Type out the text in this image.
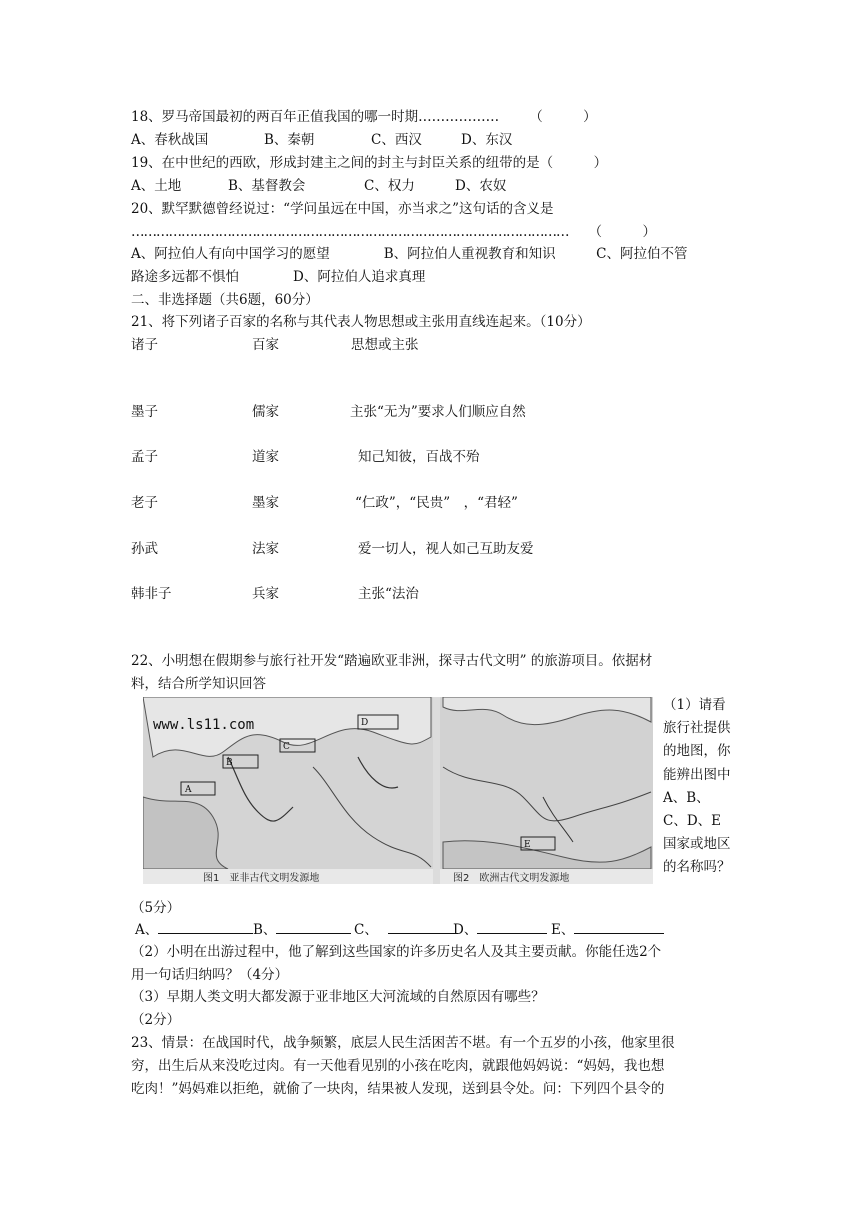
18、罗马帝国最初的两百年正值我国的哪一时期……………… （　　　）
A、春秋战国	B、秦朝	C、西汉	D、东汉
19、在中世纪的西欧，形成封建主之间的封主与封臣关系的纽带的是（　　　）
A、土地	B、基督教会	C、权力	D、农奴
20、默罕默德曾经说过：“学问虽远在中国，亦当求之”这句话的含义是
…………………………………………………………………………………………… （　　　）
A、阿拉伯人有向中国学习的愿望　　　　B、阿拉伯人重视教育和知识　　　C、阿拉伯不管
路途多远都不惧怕　　　　D、阿拉伯人追求真理
二、非选择题（共6题，60分）
21、将下列诸子百家的名称与其代表人物思想或主张用直线连起来。（10分）
诸子	百家	思想或主张
墨子	儒家	主张“无为”要求人们顺应自然
孟子	道家	知己知彼，百战不殆
老子	墨家	“仁政”，“民贵”　，“君轻”
孙武	法家	爱一切人，视人如己互助友爱
韩非子	兵家	主张“法治
22、小明想在假期参与旅行社开发“踏遍欧亚非洲，探寻古代文明” 的旅游项目。依据材
料，结合所学知识回答
www.ls11.com
A
B
C
D
图1　亚非古代文明发源地
E
图2　欧洲古代文明发源地
（1）请看旅行社提供的地图，你能辨出图中A、B、C、D、E国家或地区的名称吗？
（5分）
A、	B、	C、	D、	E、
（2）小明在出游过程中，他了解到这些国家的许多历史名人及其主要贡献。你能任选2个
用一句话归纳吗？（4分）
（3）早期人类文明大都发源于亚非地区大河流域的自然原因有哪些？
（2分）
23、情景：在战国时代，战争频繁，底层人民生活困苦不堪。有一个五岁的小孩，他家里很
穷，出生后从来没吃过肉。有一天他看见别的小孩在吃肉，就跟他妈妈说：“妈妈，我也想
吃肉！”妈妈难以拒绝，就偷了一块肉，结果被人发现，送到县令处。问：下列四个县令的
